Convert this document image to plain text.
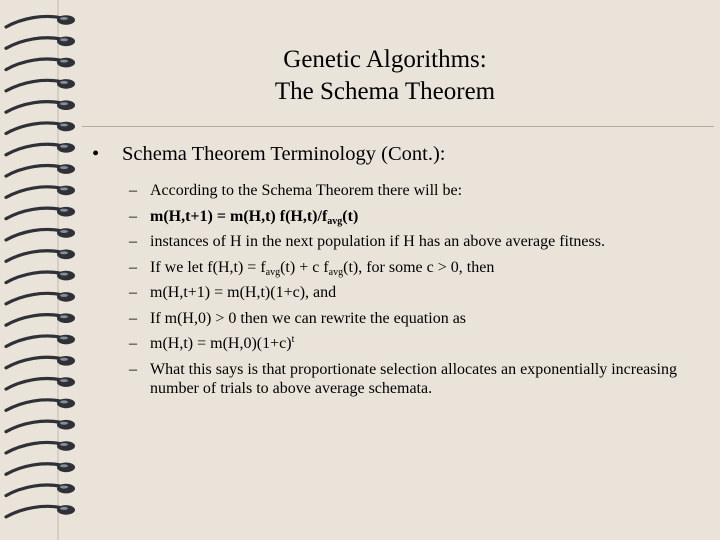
Genetic Algorithms:
The Schema Theorem
•	Schema Theorem Terminology (Cont.):
– According to the Schema Theorem there will be:
– m(H,t+1) = m(H,t) $f(H,t)/f_{avg}(t)$
– instances of H in the next population if H has an above average fitness.
– If we let $f(H,t) = f_{avg}(t) + c$ $f_{avg}(t)$, for some c > 0, then
– m(H,t+1) = m(H,t)(1+c), and
– If m(H,0) > 0 then we can rewrite the equation as
– $m(H,t) = m(H,0)(1+c)^t$
– What this says is that proportionate selection allocates an exponentially increasing number of trials to above average schemata.
